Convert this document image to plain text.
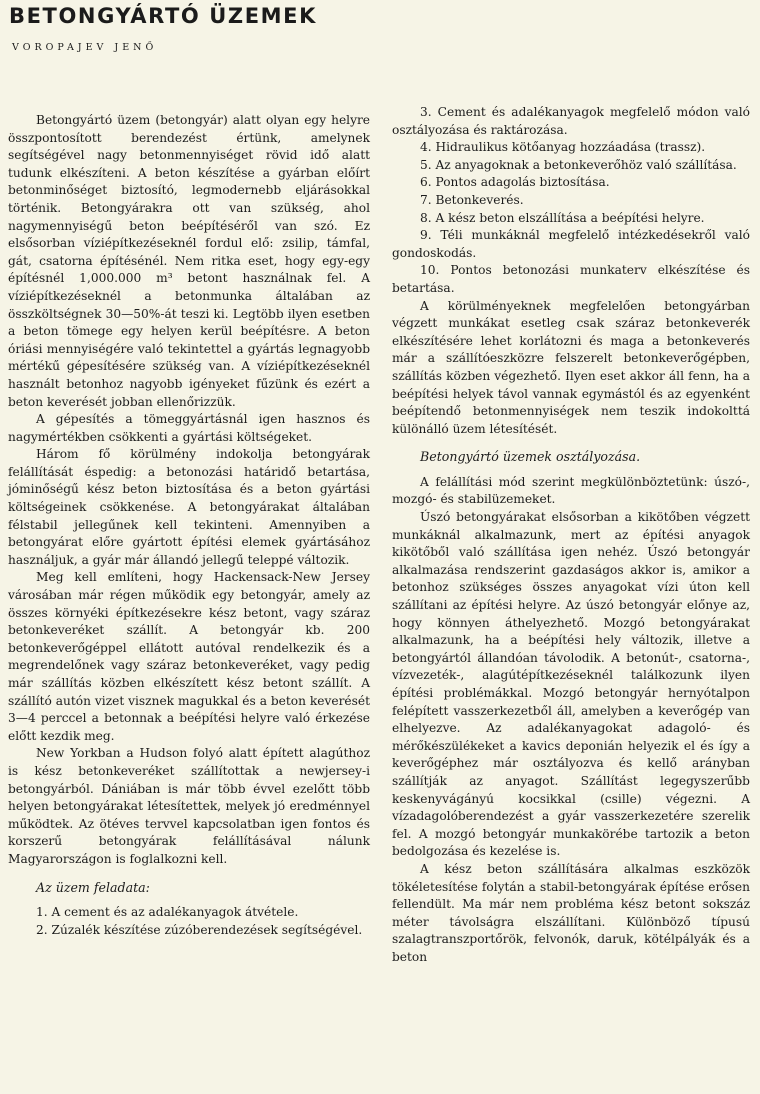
BETONGYÁRTÓ ÜZEMEK
VOROPAJEV JENŐ

Betongyártó üzem (betongyár) alatt olyan egy helyre összpontosított berendezést értünk, amelynek segítségével nagy betonmennyiséget rövid idő alatt tudunk elkészíteni. A beton készítése a gyárban előírt betonminőséget biztosító, legmodernebb eljárásokkal történik. Betongyárakra ott van szükség, ahol nagymennyiségű beton beépítéséről van szó. Ez elsősorban víziépítkezéseknél fordul elő: zsilip, támfal, gát, csatorna építésénél. Nem ritka eset, hogy egy-egy építésnél 1,000.000 m³ betont használnak fel. A víziépítkezéseknél a betonmunka általában az összköltségnek 30—50%-át teszi ki. Legtöbb ilyen esetben a beton tömege egy helyen kerül beépítésre. A beton óriási mennyiségére való tekintettel a gyártás legnagyobb mértékű gépesítésére szükség van. A víziépítkezéseknél használt betonhoz nagyobb igényeket fűzünk és ezért a beton keverését jobban ellenőrizzük.

A gépesítés a tömeggyártásnál igen hasznos és nagymértékben csökkenti a gyártási költségeket.

Három fő körülmény indokolja betongyárak felállítását éspedig: a betonozási határidő betartása, jóminőségű kész beton biztosítása és a beton gyártási költségeinek csökkenése. A betongyárakat általában félstabil jellegűnek kell tekinteni. Amennyiben a betongyárat előre gyártott építési elemek gyártásához használjuk, a gyár már állandó jellegű teleppé változik.

Meg kell említeni, hogy Hackensack-New Jersey városában már régen működik egy betongyár, amely az összes környéki építkezésekre kész betont, vagy száraz betonkeveréket szállít. A betongyár kb. 200 betonkeverőgéppel ellátott autóval rendelkezik és a megrendelőnek vagy száraz betonkeveréket, vagy pedig már szállítás közben elkészített kész betont szállít. A szállító autón vizet visznek magukkal és a beton keverését 3—4 perccel a betonnak a beépítési helyre való érkezése előtt kezdik meg.

New Yorkban a Hudson folyó alatt épített alagúthoz is kész betonkeveréket szállítottak a newjersey-i betongyárból. Dániában is már több évvel ezelőtt több helyen betongyárakat létesítettek, melyek jó eredménnyel működtek. Az ötéves tervvel kapcsolatban igen fontos és korszerű betongyárak felállításával nálunk Magyarországon is foglalkozni kell.

Az üzem feladata:
1. A cement és az adalékanyagok átvétele.
2. Zúzalék készítése zúzóberendezések segítségével.
3. Cement és adalékanyagok megfelelő módon való osztályozása és raktározása.
4. Hidraulikus kötőanyag hozzáadása (trassz).
5. Az anyagoknak a betonkeverőhöz való szállítása.
6. Pontos adagolás biztosítása.
7. Betonkeverés.
8. A kész beton elszállítása a beépítési helyre.
9. Téli munkáknál megfelelő intézkedésekről való gondoskodás.
10. Pontos betonozási munkaterv elkészítése és betartása.

A körülményeknek megfelelően betongyárban végzett munkákat esetleg csak száraz betonkeverék elkészítésére lehet korlátozni és maga a betonkeverés már a szállítóeszközre felszerelt betonkeverőgépben, szállítás közben végezhető. Ilyen eset akkor áll fenn, ha a beépítési helyek távol vannak egymástól és az egyenként beépítendő betonmennyiségek nem teszik indokolttá különálló üzem létesítését.

Betongyártó üzemek osztályozása.

A felállítási mód szerint megkülönböztetünk: úszó-, mozgó- és stabilüzemeket.

Úszó betongyárakat elsősorban a kikötőben végzett munkáknál alkalmazunk, mert az építési anyagok kikötőből való szállítása igen nehéz. Úszó betongyár alkalmazása rendszerint gazdaságos akkor is, amikor a betonhoz szükséges összes anyagokat vízi úton kell szállítani az építési helyre. Az úszó betongyár előnye az, hogy könnyen áthelyezhető. Mozgó betongyárakat alkalmazunk, ha a beépítési hely változik, illetve a betongyártól állandóan távolodik. A betonút-, csatorna-, vízvezeték-, alagútépítkezéseknél találkozunk ilyen építési problémákkal. Mozgó betongyár hernyótalpon felépített vasszerkezetből áll, amelyben a keverőgép van elhelyezve. Az adalékanyagokat adagoló- és mérőkészülékeket a kavics deponián helyezik el és így a keverőgéphez már osztályozva és kellő arányban szállítják az anyagot. Szállítást legegyszerűbb keskenyvágányú kocsikkal (csille) végezni. A vízadagolóberendezést a gyár vasszerkezetére szerelik fel. A mozgó betongyár munkakörébe tartozik a beton bedolgozása és kezelése is.

A kész beton szállítására alkalmas eszközök tökéletesítése folytán a stabil-betongyárak építése erősen fellendült. Ma már nem probléma kész betont sokszáz méter távolságra elszállítani. Különböző típusú szalagtranszportőrök, felvonók, daruk, kötélpályák és a beton
